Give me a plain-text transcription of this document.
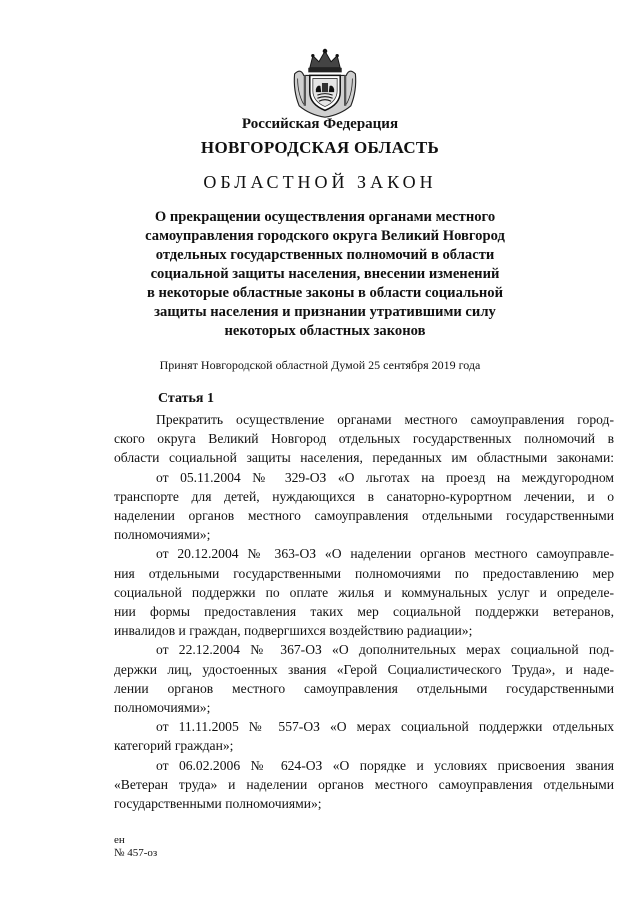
Российская Федерация
НОВГОРОДСКАЯ ОБЛАСТЬ
ОБЛАСТНОЙ ЗАКОН
О прекращении осуществления органами местного
самоуправления городского округа Великий Новгород
отдельных государственных полномочий в области
социальной защиты населения, внесении изменений
в некоторые областные законы в области социальной
защиты населения и признании утратившими силу
некоторых областных законов
Принят Новгородской областной Думой 25 сентября 2019 года
Статья 1
Прекратить осуществление органами местного самоуправления город-
ского округа Великий Новгород отдельных государственных полномочий в
области социальной защиты населения, переданных им областными законами:
от 05.11.2004 № 329-ОЗ «О льготах на проезд на междугородном
транспорте для детей, нуждающихся в санаторно-курортном лечении, и о
наделении органов местного самоуправления отдельными государственными
полномочиями»;
от 20.12.2004 № 363-ОЗ «О наделении органов местного самоуправле-
ния отдельными государственными полномочиями по предоставлению мер
социальной поддержки по оплате жилья и коммунальных услуг и определе-
нии формы предоставления таких мер социальной поддержки ветеранов,
инвалидов и граждан, подвергшихся воздействию радиации»;
от 22.12.2004 № 367-ОЗ «О дополнительных мерах социальной под-
держки лиц, удостоенных звания «Герой Социалистического Труда», и наде-
лении органов местного самоуправления отдельными государственными
полномочиями»;
от 11.11.2005 № 557-ОЗ «О мерах социальной поддержки отдельных
категорий граждан»;
от 06.02.2006 № 624-ОЗ «О порядке и условиях присвоения звания
«Ветеран труда» и наделении органов местного самоуправления отдельными
государственными полномочиями»;
ен
№ 457-оз
